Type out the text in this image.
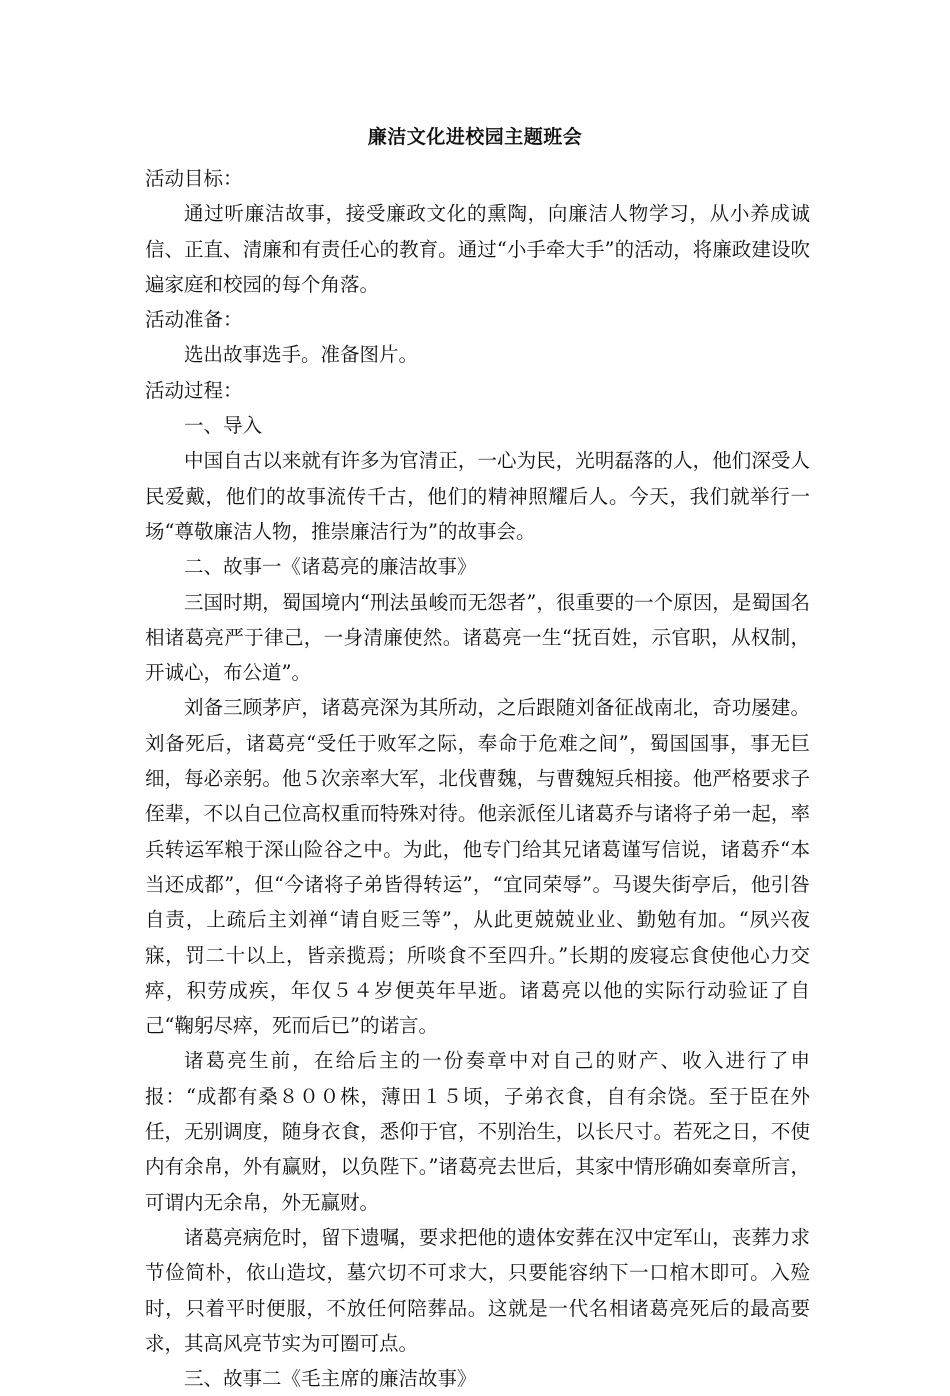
廉洁文化进校园主题班会

活动目标：

通过听廉洁故事，接受廉政文化的熏陶，向廉洁人物学习，从小养成诚信、正直、清廉和有责任心的教育。通过“小手牵大手”的活动，将廉政建设吹遍家庭和校园的每个角落。

活动准备：

选出故事选手。准备图片。

活动过程：

一、导入

中国自古以来就有许多为官清正，一心为民，光明磊落的人，他们深受人民爱戴，他们的故事流传千古，他们的精神照耀后人。今天，我们就举行一场“尊敬廉洁人物，推崇廉洁行为”的故事会。

二、故事一《诸葛亮的廉洁故事》

三国时期，蜀国境内“刑法虽峻而无怨者”，很重要的一个原因，是蜀国名相诸葛亮严于律己，一身清廉使然。诸葛亮一生“抚百姓，示官职，从权制，开诚心，布公道”。

刘备三顾茅庐，诸葛亮深为其所动，之后跟随刘备征战南北，奇功屡建。刘备死后，诸葛亮“受任于败军之际，奉命于危难之间”，蜀国国事，事无巨细，每必亲躬。他５次亲率大军，北伐曹魏，与曹魏短兵相接。他严格要求子侄辈，不以自己位高权重而特殊对待。他亲派侄儿诸葛乔与诸将子弟一起，率兵转运军粮于深山险谷之中。为此，他专门给其兄诸葛谨写信说，诸葛乔“本当还成都”，但“今诸将子弟皆得转运”，“宜同荣辱”。马谡失街亭后，他引咎自责，上疏后主刘禅“请自贬三等”，从此更兢兢业业、勤勉有加。“夙兴夜寐，罚二十以上，皆亲揽焉；所啖食不至四升。”长期的废寝忘食使他心力交瘁，积劳成疾，年仅５４岁便英年早逝。诸葛亮以他的实际行动验证了自己“鞠躬尽瘁，死而后已”的诺言。

诸葛亮生前，在给后主的一份奏章中对自己的财产、收入进行了申报：“成都有桑８００株，薄田１５顷，子弟衣食，自有余饶。至于臣在外任，无别调度，随身衣食，悉仰于官，不别治生，以长尺寸。若死之日，不使内有余帛，外有赢财，以负陛下。”诸葛亮去世后，其家中情形确如奏章所言，可谓内无余帛，外无赢财。

诸葛亮病危时，留下遗嘱，要求把他的遗体安葬在汉中定军山，丧葬力求节俭简朴，依山造坟，墓穴切不可求大，只要能容纳下一口棺木即可。入殓时，只着平时便服，不放任何陪葬品。这就是一代名相诸葛亮死后的最高要求，其高风亮节实为可圈可点。

三、故事二《毛主席的廉洁故事》
